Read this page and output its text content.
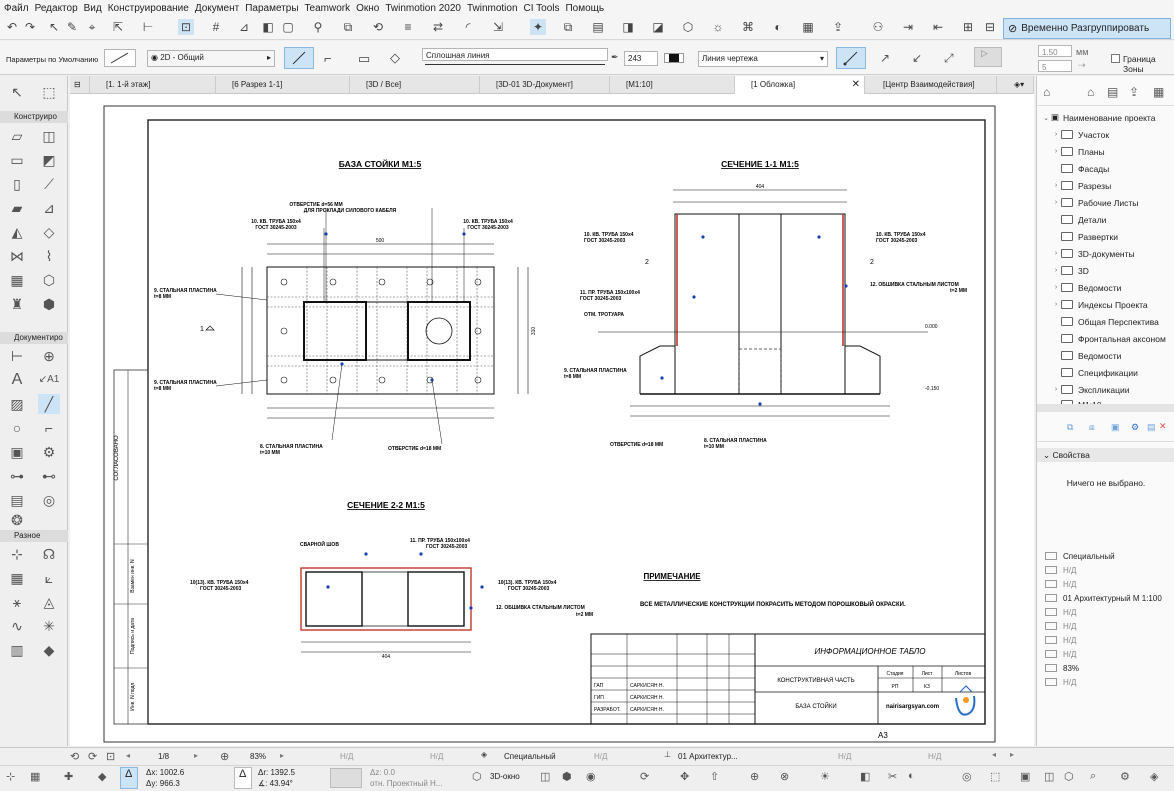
Файл Редактор Вид Конструирование Документ Параметры Teamwork Окно Twinmotion 2020 Twinmotion CI Tools Помощь
↶ ↷ ↖ ✎ ⌖	⇱ ⊢ ⊡	#	⊿ ◧ ▢ ⚲	⧉	⟲	≡	⇄	◜	⇲ ✦	⧉	▤ ◨ ◪ ⬡ ☼ ⌘	◐	▦ ⇪ ⚇ ⇥ ⇤ ⊞ ⊟ ⊘ Временно Разгруппировать
Параметры по Умолчанию	◉ 2D - Общий	▸	⌐ ▭ ◇	Сплошная линия	✒	243	Линия чертежа	▾	↗ ↙ ⤢	▷	1.50	мм
5	⇢
Граница Зоны
↖	⬚
Конструиро
▱	◫
▭	◩
▯	⟋
▰	⊿
◭	◇
⋈	⌇
▦	⬡
♜	⬢
Документиро
⊢	⊕
A	↙A1
▨	╱
○	⌐
▣	⚙
⊶ ⊷
▤	◎
❂
Разное
⊹	☊
▦	⟀
⚹	◬
∿	✳
▥	◆
⊟	[1. 1-й этаж]	[6 Разрез 1-1]	[3D / Все]	[3D-01 3D-Документ]	[M1:10]	[1 Обложка]	✕	[Центр Взаимодействия]	◈▾
СОГЛАСОВАНО
Взамен инв. N
Подпись и дата
Инв. N подл.
БАЗА СТОЙКИ М1:5	СЕЧЕНИЕ 1-1 М1:5
СЕЧЕНИЕ 2-2 М1:5
500
310
1
ОТВЕРСТИЕ d=56 ММ
ДЛЯ ПРОКЛАДИ СИЛОВОГО КАБЕЛЯ
10. КВ. ТРУБА 150х4
ГОСТ 30245-2003
10. КВ. ТРУБА 150х4
ГОСТ 30245-2003
9. СТАЛЬНАЯ ПЛАСТИНА
t=8 ММ
9. СТАЛЬНАЯ ПЛАСТИНА
t=8 ММ
8. СТАЛЬНАЯ ПЛАСТИНА
t=10 ММ
ОТВЕРСТИЕ d=18 ММ
404
0.000
-0.150
2	2
10. КВ. ТРУБА 150х4
ГОСТ 30245-2003
10. КВ. ТРУБА 150х4
ГОСТ 30245-2003
11. ПР. ТРУБА 150х100х4
ГОСТ 30245-2003
ОТМ. ТРОТУАРА
12. ОБШИВКА СТАЛЬНЫМ ЛИСТОМ
t=2 ММ
9. СТАЛЬНАЯ ПЛАСТИНА
t=8 ММ
ОТВЕРСТИЕ d=18 ММ
8. СТАЛЬНАЯ ПЛАСТИНА
t=10 ММ
404
СВАРНОЙ ШОВ
11. ПР. ТРУБА 150х100х4
ГОСТ 30245-2003
10(13). КВ. ТРУБА 150х4
ГОСТ 30245-2003
10(13). КВ. ТРУБА 150х4
ГОСТ 30245-2003
12. ОБШИВКА СТАЛЬНЫМ ЛИСТОМ
t=2 ММ
ПРИМЕЧАНИЕ
ВСЕ МЕТАЛЛИЧЕСКИЕ КОНСТРУКЦИИ ПОКРАСИТЬ МЕТОДОМ ПОРОШКОВЫЙ ОКРАСКИ.
ИНФОРМАЦИОННОЕ ТАБЛО
КОНСТРУКТИВНАЯ ЧАСТЬ
БАЗА СТОЙКИ
Стадия	Лист	Листов
РП	КЗ
ГАП
ГИП
РАЗРАБОТ.
САРКИСЯН Н.
САРКИСЯН Н.
САРКИСЯН Н.	nairisargsyan.com
А3
⌂	⌂ ▤ ⇪ ▦
⌄ ▣ Наименование проекта
›	Участок
›	Планы
Фасады
›	Разрезы
›	Рабочие Листы
Детали
Развертки
›	3D-документы
›	3D
›	Ведомости
›	Индексы Проекта
Общая Перспектива
Фронтальная аксоном
Ведомости
Спецификации
›	Экспликации
⧉ ⧈ ▣ ⚙ ▤ ✕
⌄ Свойства
Ничего не выбрано.
Специальный
Н/Д
Н/Д
01 Архитектурный М 1:100
Н/Д
Н/Д
Н/Д
Н/Д
83%
Н/Д
⟲ ⟳ ⊡ ◂	1/8	▸ ⊕	83% ▸	Н/Д	Н/Д	◈ Специальный	Н/Д	⊥ 01 Архитектур...	Н/Д	Н/Д	◂ ▸
⊹ ▦ ✚ ◆	Δ	Δx: 1002.6
Δy: 966.3
Δ	Δr: 1392.5
∡: 43.94°
Δz: 0.0
отн. Проектный Н...
⬡ 3D-окно ◫ ⬢ ◉	⟳	✥ ⇧	⊕ ⊗	☀	◧ ✂ ◐	◎ ⬚ ▣ ◫ ⬡ ⌕ ⚙ ◈
